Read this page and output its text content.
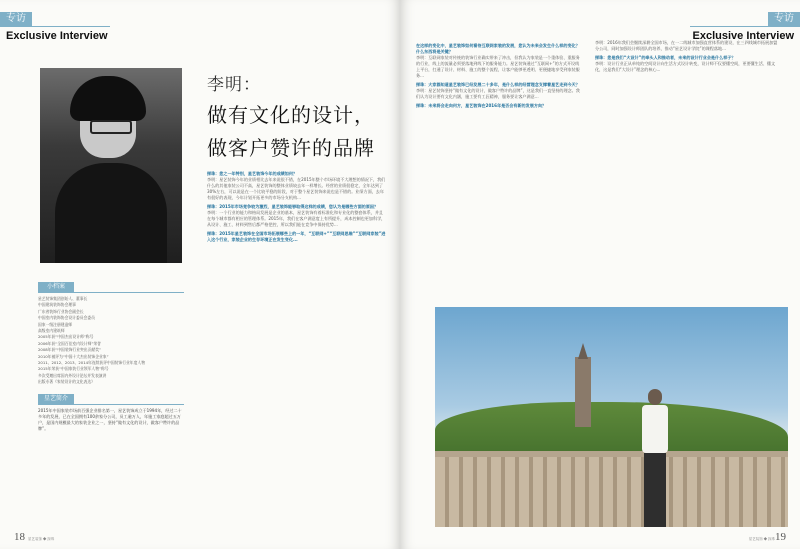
专访
Exclusive Interview
李明：
做有文化的设计，
做客户赞许的品牌
探珠：您之一年特别，星艺装饰今年的成绩如何？
李明：星艺装饰今年的业绩相比去年来说很不错，在2015年整个市场环境不大理想的情况下，我们什么的其他家装公司不高，星艺装饰的整体业绩较去年一样增长。经营的业绩很稳定，全年达到了30%左右，可以说是在一个比较平稳的阶段，对于整个星艺装饰来说也是不错的。业绩方面，去年有很好的表现，今年计划开拓更多的市场分支机构...
探珠：2015年市场竞争较为激烈，星艺装饰能够取得这样的成绩，您认为是哪些方面的原因？
李明：一个行业的能力和格局发展是企业的基本，星艺装饰有着标准化和专业化的整套体系，并且在每个城市都有相应的管理体系。2015年，我们在客户满意度上有所提升，成本控制也更加科学，从设计、施工、材料到售后都严格把控，所以我们能在竞争中保持优势...
探珠：2015年星艺装饰在全国市场拓展哪些上的一年，“互联网+”“互联网思维”“互联网家装”进入这个行业，家装企业的生存环境正在发生变化...
小档案
星艺装饰集团创始人、董事长
中国建筑装饰协会理事
广东省装饰行业协会副会长
中国室内装饰协会设计委员会委员
国家一级注册建造师
高级室内建筑师
2005年获“中国杰出设计师”称号
2006年获“全国百佳室内设计师”荣誉
2008年获“中国装饰行业突出贡献奖”
2010年被评为“中国十大杰出装饰企业家”
2011、2012、2013、2014年连续获评中国装饰行业年度人物
2015年荣获“中国家装行业领军人物”称号
多次受邀出席国内外设计论坛并发表演讲
出版专著《家装设计的文化表达》
星艺简介
2015年中国家装市场前百强企业排名第一，星艺装饰成立于1994年，经过二十多年的发展，已在全国拥有100余家分公司，员工逾万人，年施工家庭超过五万户，是国内规模最大的家装企业之一，坚持“做有文化的设计，做客户赞许的品牌”。
18 星艺装饰 ◆ 探珠
专访
Exclusive Interview
在这样的变化中，星艺装饰如何看待互联网家装的发展，您认为未来会发生什么样的变化？什么东西将是关键？
李明：互联网家装对传统的装饰行业确实带来了冲击，但我认为家装是一个重体验、重服务的行业，线上的流量必须要落地到线下的服务能力。星艺装饰通过“互联网+”的方式开设线上平台，打通了设计、材料、施工的整个流程，让客户能够更透明、更便捷地享受到家装服务...
探珠：大家都知道星艺装饰已经发展二十多年，是什么样的经营理念支撑着星艺走到今天？
李明：星艺装饰坚持“做有文化的设计，做客户赞许的品牌”，这是我们一直坚持的理念。我们认为设计要有文化内涵，施工要有工匠精神，服务要让客户满意...
探珠：未来将会走向何方，星艺装饰在2016年是否会有新的发展方向？
李明：2016年我们会继续深耕全国市场，在一二线城市加强直营体系的建设，在三四线城市拓展加盟分公司，同时加强设计师团队的培养，推动“星艺设计学院”的课程落地...
探珠：您是我们“大设计”的牵头人和推动者，未来的设计行业会是什么样子？
李明：设计行业正从单纯的空间设计向生活方式设计转变，设计师不仅要懂空间，更要懂生活、懂文化，这是我们“大设计”理念的核心...
星艺装饰 ◆ 探珠19
